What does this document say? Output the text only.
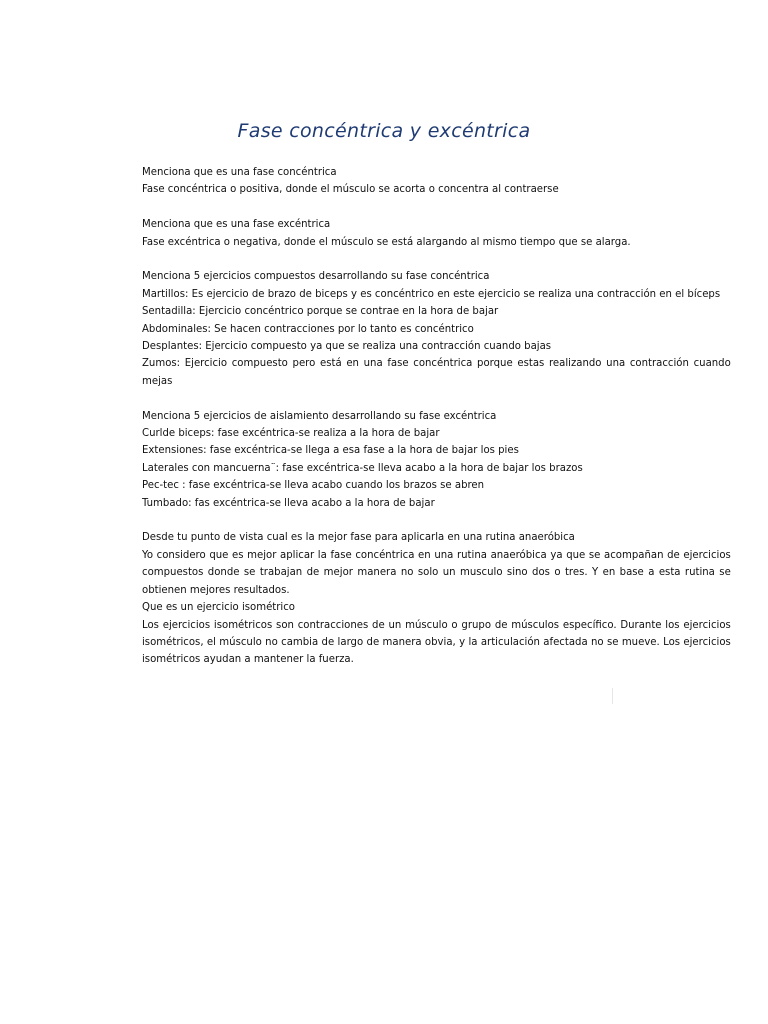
Fase concéntrica y excéntrica
Menciona que es una fase concéntrica
Fase concéntrica o positiva, donde el músculo se acorta o concentra al contraerse
Menciona que es una fase excéntrica
Fase excéntrica o negativa, donde el músculo se está alargando al mismo tiempo que se alarga.
Menciona 5 ejercicios compuestos desarrollando su fase concéntrica
Martillos: Es ejercicio de brazo de biceps y es concéntrico en este ejercicio se realiza una contracción en el bíceps
Sentadilla: Ejercicio concéntrico porque se contrae en la hora de bajar
Abdominales: Se hacen contracciones por lo tanto es concéntrico
Desplantes: Ejercicio compuesto ya que se realiza una contracción cuando bajas
Zumos: Ejercicio compuesto pero está en una fase concéntrica porque estas realizando una contracción cuando mejas
Menciona 5 ejercicios de aislamiento desarrollando su fase excéntrica
Curlde biceps: fase excéntrica-se realiza a la hora de bajar
Extensiones: fase excéntrica-se llega a esa fase a la hora de bajar los pies
Laterales con mancuerna¨: fase excéntrica-se lleva acabo a la hora de bajar los brazos
Pec-tec : fase excéntrica-se lleva acabo cuando los brazos se abren
Tumbado: fas excéntrica-se lleva acabo a la hora de bajar
Desde tu punto de vista cual es la mejor fase para aplicarla en una rutina anaeróbica
Yo considero que es mejor aplicar la fase concéntrica en una rutina anaeróbica ya que se acompañan de ejercicios compuestos donde se trabajan de mejor manera no solo un musculo sino dos o tres. Y en base a esta rutina se obtienen mejores resultados.
Que es un ejercicio isométrico
Los ejercicios isométricos son contracciones de un músculo o grupo de músculos específico. Durante los ejercicios isométricos, el músculo no cambia de largo de manera obvia, y la articulación afectada no se mueve. Los ejercicios isométricos ayudan a mantener la fuerza.
